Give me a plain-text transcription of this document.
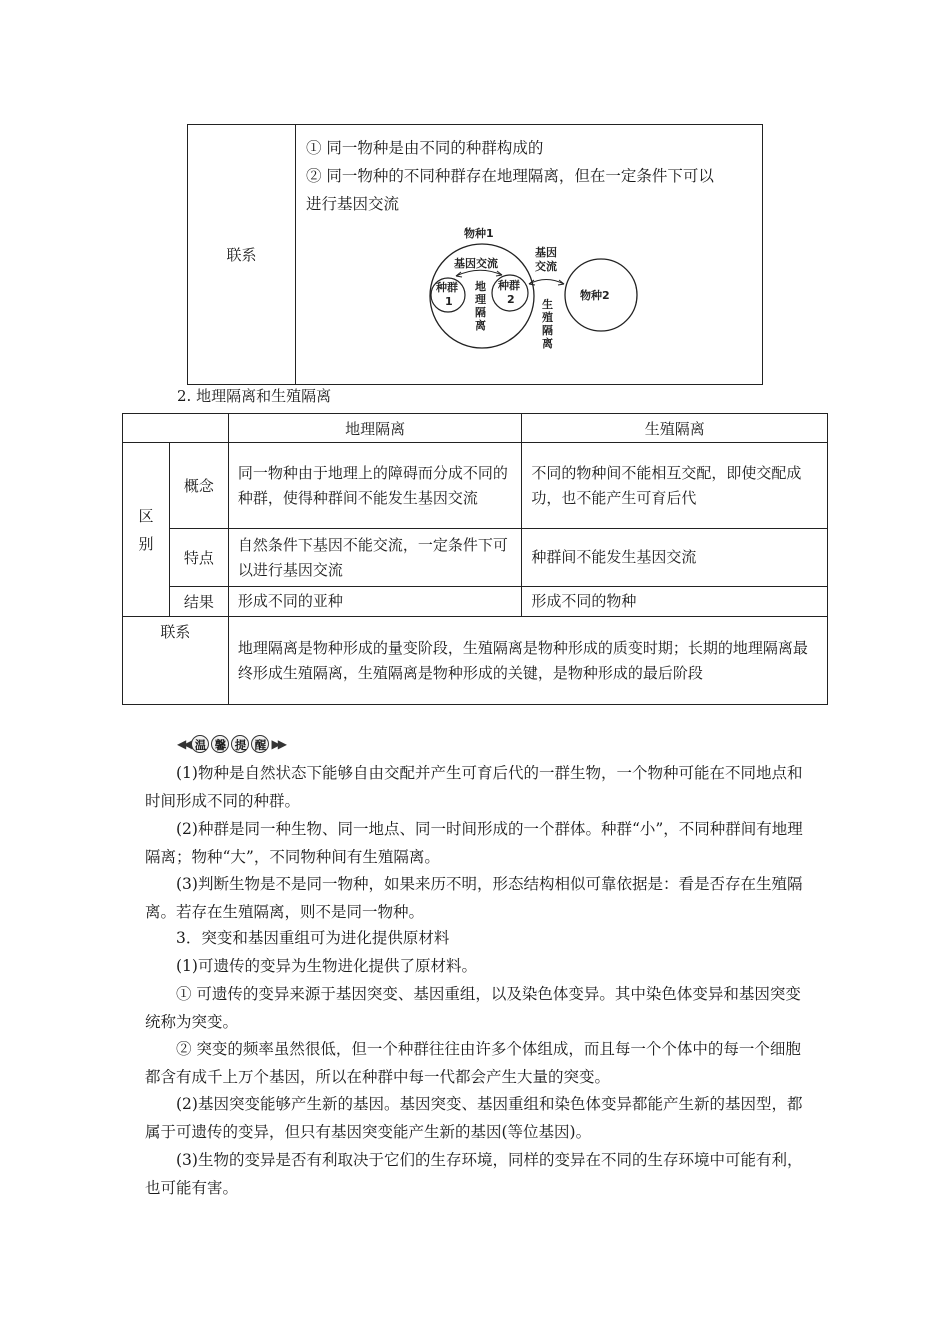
联系	
① 同一物种是由不同的种群构成的
② 同一物种的不同种群存在地理隔离，但在一定条件下可以
进行基因交流
物种1
基因交流
种群
1
种群
2
地
理
隔
离
基因
交流
生
殖
隔
离
物种2
2. 地理隔离和生殖隔离
		地理隔离	生殖隔离

区
别	概念	同一物种由于地理上的障碍而分成不同的种群，使得种群间不能发生基因交流	不同的物种间不能相互交配，即使交配成功，也不能产生可育后代
	特点	自然条件下基因不能交流，一定条件下可以进行基因交流	种群间不能发生基因交流
	结果	形成不同的亚种	形成不同的物种
联系		地理隔离是物种形成的量变阶段，生殖隔离是物种形成的质变时期；长期的地理隔离最终形成生殖隔离，生殖隔离是物种形成的关键，是物种形成的最后阶段	
◀◀ 温 馨 提 醒 ▶▶
(1)物种是自然状态下能够自由交配并产生可育后代的一群生物，一个物种可能在不同地点和时间形成不同的种群。
(2)种群是同一种生物、同一地点、同一时间形成的一个群体。种群“小”，不同种群间有地理隔离；物种“大”，不同物种间有生殖隔离。
(3)判断生物是不是同一物种，如果来历不明，形态结构相似可靠依据是：看是否存在生殖隔离。若存在生殖隔离，则不是同一物种。
3．突变和基因重组可为进化提供原材料
(1)可遗传的变异为生物进化提供了原材料。
① 可遗传的变异来源于基因突变、基因重组，以及染色体变异。其中染色体变异和基因突变统称为突变。
② 突变的频率虽然很低，但一个种群往往由许多个体组成，而且每一个个体中的每一个细胞都含有成千上万个基因，所以在种群中每一代都会产生大量的突变。
(2)基因突变能够产生新的基因。基因突变、基因重组和染色体变异都能产生新的基因型，都属于可遗传的变异，但只有基因突变能产生新的基因(等位基因)。
(3)生物的变异是否有利取决于它们的生存环境，同样的变异在不同的生存环境中可能有利，也可能有害。
